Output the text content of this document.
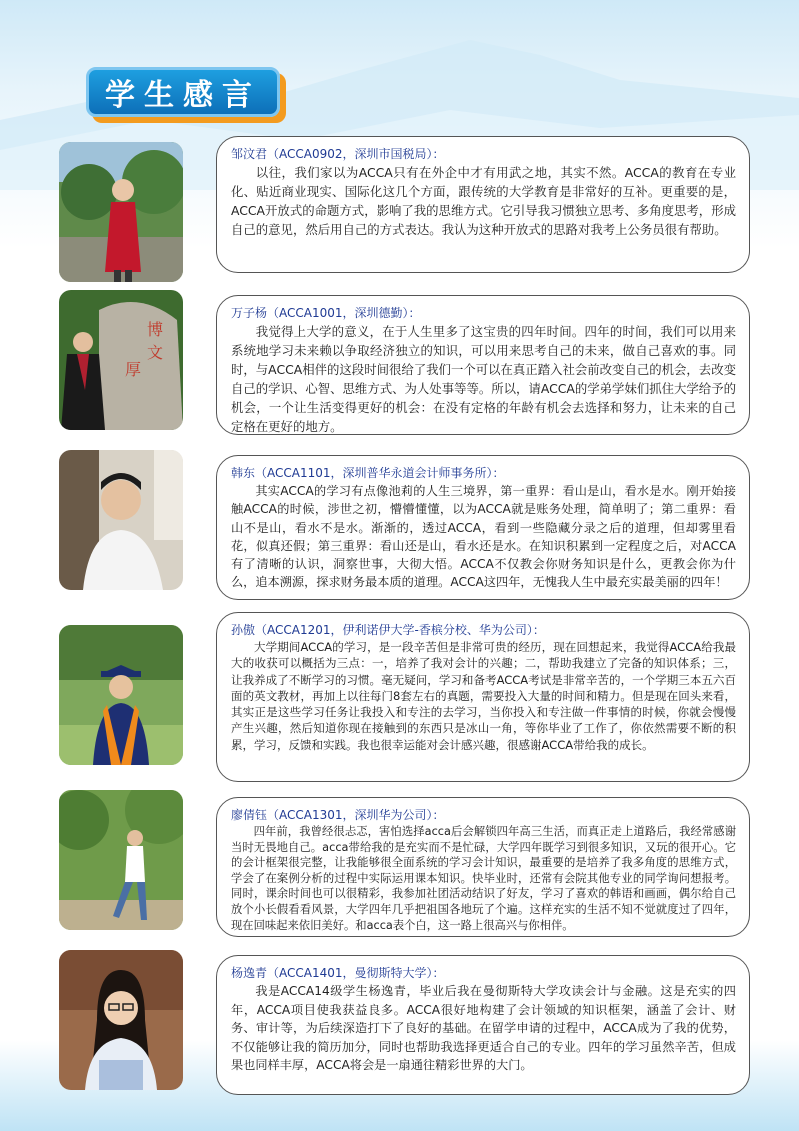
学生感言
邹汶君（ACCA0902，深圳市国税局）：
以往，我们家以为ACCA只有在外企中才有用武之地，其实不然。ACCA的教育在专业化、贴近商业现实、国际化这几个方面，跟传统的大学教育是非常好的互补。更重要的是，ACCA开放式的命题方式，影响了我的思维方式。它引导我习惯独立思考、多角度思考，形成自己的意见，然后用自己的方式表达。我认为这种开放式的思路对我考上公务员很有帮助。
博
文
厚
万子杨（ACCA1001，深圳德勤）：
我觉得上大学的意义，在于人生里多了这宝贵的四年时间。四年的时间，我们可以用来系统地学习未来赖以争取经济独立的知识，可以用来思考自己的未来，做自己喜欢的事。同时，与ACCA相伴的这段时间很给了我们一个可以在真正踏入社会前改变自己的机会，去改变自己的学识、心智、思维方式、为人处事等等。所以，请ACCA的学弟学妹们抓住大学给予的机会，一个让生活变得更好的机会：在没有定格的年龄有机会去选择和努力，让未来的自己定格在更好的地方。
韩东（ACCA1101，深圳普华永道会计师事务所）：
其实ACCA的学习有点像池莉的人生三境界，第一重界：看山是山，看水是水。刚开始接触ACCA的时候，涉世之初，懵懵懂懂，以为ACCA就是账务处理，简单明了；第二重界：看山不是山，看水不是水。渐渐的，透过ACCA，看到一些隐藏分录之后的道理，但却雾里看花，似真还假；第三重界：看山还是山，看水还是水。在知识积累到一定程度之后，对ACCA有了清晰的认识，洞察世事，大彻大悟。ACCA不仅教会你财务知识是什么，更教会你为什么，追本溯源，探求财务最本质的道理。ACCA这四年，无愧我人生中最充实最美丽的四年！
孙傲（ACCA1201，伊利诺伊大学-香槟分校、华为公司）：
大学期间ACCA的学习，是一段辛苦但是非常可贵的经历，现在回想起来，我觉得ACCA给我最大的收获可以概括为三点：一，培养了我对会计的兴趣；二，帮助我建立了完备的知识体系；三，让我养成了不断学习的习惯。毫无疑问，学习和备考ACCA考试是非常辛苦的，一个学期三本五六百面的英文教材，再加上以往每门8套左右的真题，需要投入大量的时间和精力。但是现在回头来看，其实正是这些学习任务让我投入和专注的去学习，当你投入和专注做一件事情的时候，你就会慢慢产生兴趣，然后知道你现在接触到的东西只是冰山一角，等你毕业了工作了，你依然需要不断的积累，学习，反馈和实践。我也很幸运能对会计感兴趣，很感谢ACCA带给我的成长。
廖倩钰（ACCA1301，深圳华为公司）：
四年前，我曾经很忐忑，害怕选择acca后会解锁四年高三生活，而真正走上道路后，我经常感谢当时无畏地自己。acca带给我的是充实而不是忙碌，大学四年既学习到很多知识，又玩的很开心。它的会计框架很完整，让我能够很全面系统的学习会计知识，最重要的是培养了我多角度的思维方式，学会了在案例分析的过程中实际运用课本知识。快毕业时，还常有会院其他专业的同学询问想报考。同时，课余时间也可以很精彩，我参加社团活动结识了好友，学习了喜欢的韩语和画画，偶尔给自己放个小长假看看风景，大学四年几乎把祖国各地玩了个遍。这样充实的生活不知不觉就度过了四年，现在回味起来依旧美好。和acca表个白，这一路上很高兴与你相伴。
杨逸青（ACCA1401，曼彻斯特大学）：
我是ACCA14级学生杨逸青，毕业后我在曼彻斯特大学攻读会计与金融。这是充实的四年，ACCA项目使我获益良多。ACCA很好地构建了会计领域的知识框架，涵盖了会计、财务、审计等，为后续深造打下了良好的基础。在留学申请的过程中，ACCA成为了我的优势，不仅能够让我的简历加分，同时也帮助我选择更适合自己的专业。四年的学习虽然辛苦，但成果也同样丰厚，ACCA将会是一扇通往精彩世界的大门。
